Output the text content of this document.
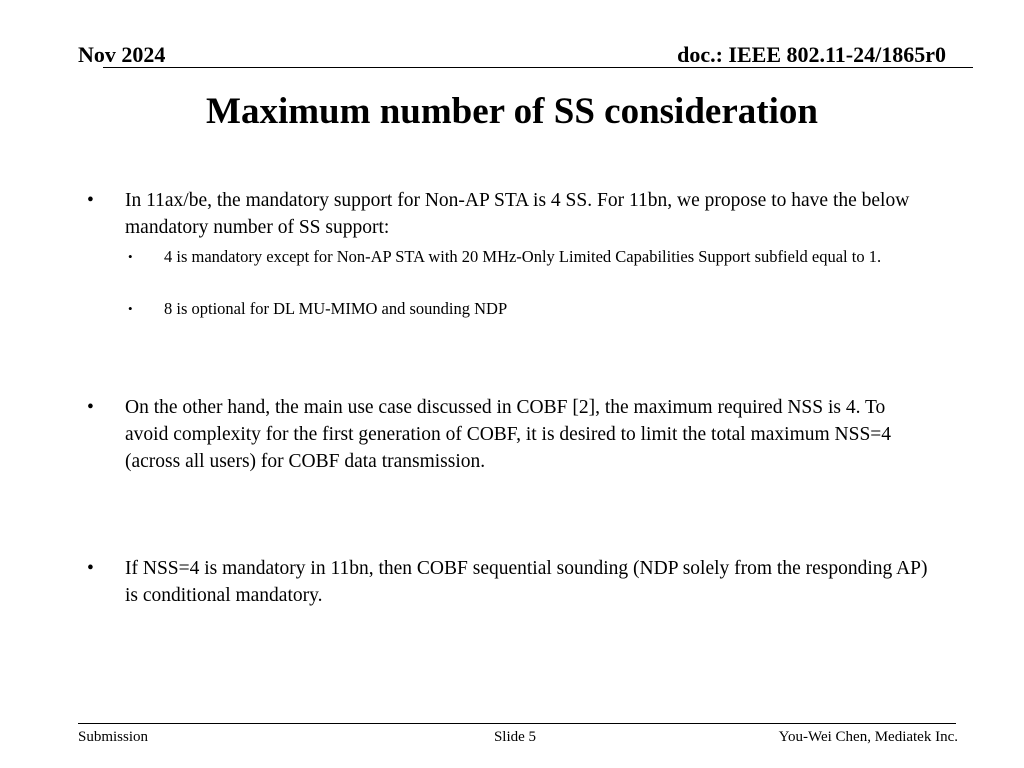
Nov 2024	doc.: IEEE 802.11-24/1865r0
Maximum number of SS consideration
•	In 11ax/be, the mandatory support for Non-AP STA is 4 SS. For 11bn, we propose to have the below mandatory number of SS support:
•	4 is mandatory except for Non-AP STA with 20 MHz-Only Limited Capabilities Support subfield equal to 1.
•	8 is optional for DL MU-MIMO and sounding NDP
•	On the other hand, the main use case discussed in COBF [2], the maximum required NSS is 4. To avoid complexity for the first generation of COBF, it is desired to limit the total maximum NSS=4 (across all users) for COBF data transmission.
•	If NSS=4 is mandatory in 11bn, then COBF sequential sounding (NDP solely from the responding AP) is conditional mandatory.
Submission	Slide 5	You-Wei Chen, Mediatek Inc.
